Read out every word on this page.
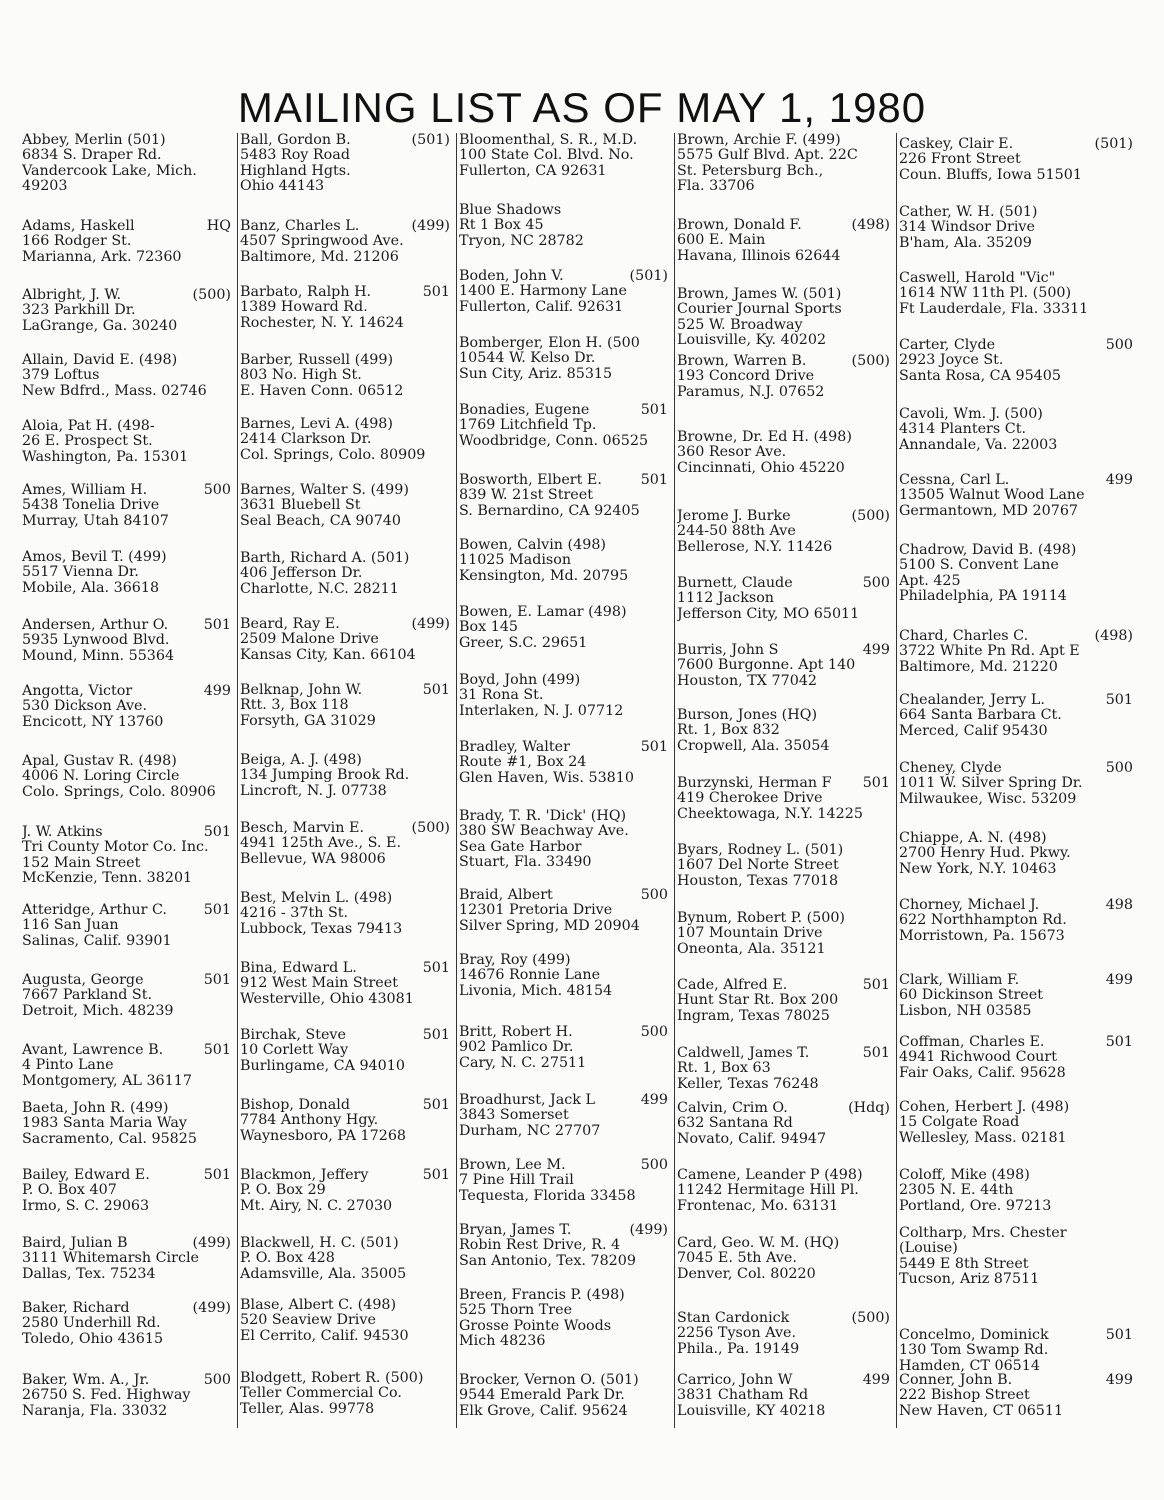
MAILING LIST AS OF MAY 1, 1980
Abbey, Merlin (501)
6834 S. Draper Rd.
Vandercook Lake, Mich.
49203
Adams, Haskell	HQ
166 Rodger St.
Marianna, Ark. 72360
Albright, J. W.	(500)
323 Parkhill Dr.
LaGrange, Ga. 30240
Allain, David E. (498)
379 Loftus
New Bdfrd., Mass. 02746
Aloia, Pat H. (498-
26 E. Prospect St.
Washington, Pa. 15301
Ames, William H.	500
5438 Tonelia Drive
Murray, Utah 84107
Amos, Bevil T. (499)
5517 Vienna Dr.
Mobile, Ala. 36618
Andersen, Arthur O. 501
5935 Lynwood Blvd.
Mound, Minn. 55364
Angotta, Victor	499
530 Dickson Ave.
Encicott, NY 13760
Apal, Gustav R. (498)
4006 N. Loring Circle
Colo. Springs, Colo. 80906
J. W. Atkins	501
Tri County Motor Co. Inc.
152 Main Street
McKenzie, Tenn. 38201
Atteridge, Arthur C.	501
116 San Juan
Salinas, Calif. 93901
Augusta, George	501
7667 Parkland St.
Detroit, Mich. 48239
Avant, Lawrence B.	501
4 Pinto Lane
Montgomery, AL 36117
Baeta, John R. (499)
1983 Santa Maria Way
Sacramento, Cal. 95825
Bailey, Edward E.	501
P. O. Box 407
Irmo, S. C. 29063
Baird, Julian B	(499)
3111 Whitemarsh Circle
Dallas, Tex. 75234
Baker, Richard	(499)
2580 Underhill Rd.
Toledo, Ohio 43615
Baker, Wm. A., Jr.	500
26750 S. Fed. Highway
Naranja, Fla. 33032
Ball, Gordon B.	(501)
5483 Roy Road
Highland Hgts.
Ohio 44143
Banz, Charles L.	(499)
4507 Springwood Ave.
Baltimore, Md. 21206
Barbato, Ralph H.	501
1389 Howard Rd.
Rochester, N. Y. 14624
Barber, Russell (499)
803 No. High St.
E. Haven Conn. 06512
Barnes, Levi A. (498)
2414 Clarkson Dr.
Col. Springs, Colo. 80909
Barnes, Walter S. (499)
3631 Bluebell St
Seal Beach, CA 90740
Barth, Richard A. (501)
406 Jefferson Dr.
Charlotte, N.C. 28211
Beard, Ray E.	(499)
2509 Malone Drive
Kansas City, Kan. 66104
Belknap, John W.	501
Rtt. 3, Box 118
Forsyth, GA 31029
Beiga, A. J. (498)
134 Jumping Brook Rd.
Lincroft, N. J. 07738
Besch, Marvin E.	(500)
4941 125th Ave., S. E.
Bellevue, WA 98006
Best, Melvin L. (498)
4216 - 37th St.
Lubbock, Texas 79413
Bina, Edward L.	501
912 West Main Street
Westerville, Ohio 43081
Birchak, Steve	501
10 Corlett Way
Burlingame, CA 94010
Bishop, Donald	501
7784 Anthony Hgy.
Waynesboro, PA 17268
Blackmon, Jeffery	501
P. O. Box 29
Mt. Airy, N. C. 27030
Blackwell, H. C. (501)
P. O. Box 428
Adamsville, Ala. 35005
Blase, Albert C. (498)
520 Seaview Drive
El Cerrito, Calif. 94530
Blodgett, Robert R. (500)
Teller Commercial Co.
Teller, Alas. 99778
Bloomenthal, S. R., M.D.
100 State Col. Blvd. No.
Fullerton, CA 92631
Blue Shadows
Rt 1 Box 45
Tryon, NC 28782
Boden, John V.	(501)
1400 E. Harmony Lane
Fullerton, Calif. 92631
Bomberger, Elon H. (500
10544 W. Kelso Dr.
Sun City, Ariz. 85315
Bonadies, Eugene	501
1769 Litchfield Tp.
Woodbridge, Conn. 06525
Bosworth, Elbert E.	501
839 W. 21st Street
S. Bernardino, CA 92405
Bowen, Calvin (498)
11025 Madison
Kensington, Md. 20795
Bowen, E. Lamar (498)
Box 145
Greer, S.C. 29651
Boyd, John (499)
31 Rona St.
Interlaken, N. J. 07712
Bradley, Walter	501
Route #1, Box 24
Glen Haven, Wis. 53810
Brady, T. R. 'Dick' (HQ)
380 SW Beachway Ave.
Sea Gate Harbor
Stuart, Fla. 33490
Braid, Albert	500
12301 Pretoria Drive
Silver Spring, MD 20904
Bray, Roy (499)
14676 Ronnie Lane
Livonia, Mich. 48154
Britt, Robert H.	500
902 Pamlico Dr.
Cary, N. C. 27511
Broadhurst, Jack L	499
3843 Somerset
Durham, NC 27707
Brown, Lee M.	500
7 Pine Hill Trail
Tequesta, Florida 33458
Bryan, James T.	(499)
Robin Rest Drive, R. 4
San Antonio, Tex. 78209
Breen, Francis P. (498)
525 Thorn Tree
Grosse Pointe Woods
Mich 48236
Brocker, Vernon O. (501)
9544 Emerald Park Dr.
Elk Grove, Calif. 95624
Brown, Archie F. (499)
5575 Gulf Blvd. Apt. 22C
St. Petersburg Bch.,
Fla. 33706
Brown, Donald F.	(498)
600 E. Main
Havana, Illinois 62644
Brown, James W. (501)
Courier Journal Sports
525 W. Broadway
Louisville, Ky. 40202
Brown, Warren B.	(500)
193 Concord Drive
Paramus, N.J. 07652
Browne, Dr. Ed H. (498)
360 Resor Ave.
Cincinnati, Ohio 45220
Jerome J. Burke	(500)
244-50 88th Ave
Bellerose, N.Y. 11426
Burnett, Claude	500
1112 Jackson
Jefferson City, MO 65011
Burris, John S	499
7600 Burgonne. Apt 140
Houston, TX 77042
Burson, Jones (HQ)
Rt. 1, Box 832
Cropwell, Ala. 35054
Burzynski, Herman F 501
419 Cherokee Drive
Cheektowaga, N.Y. 14225
Byars, Rodney L. (501)
1607 Del Norte Street
Houston, Texas 77018
Bynum, Robert P. (500)
107 Mountain Drive
Oneonta, Ala. 35121
Cade, Alfred E.	501
Hunt Star Rt. Box 200
Ingram, Texas 78025
Caldwell, James T.	501
Rt. 1, Box 63
Keller, Texas 76248
Calvin, Crim O.	(Hdq)
632 Santana Rd
Novato, Calif. 94947
Camene, Leander P (498)
11242 Hermitage Hill Pl.
Frontenac, Mo. 63131
Card, Geo. W. M. (HQ)
7045 E. 5th Ave.
Denver, Col. 80220
Stan Cardonick	(500)
2256 Tyson Ave.
Phila., Pa. 19149
Carrico, John W	499
3831 Chatham Rd
Louisville, KY 40218
Caskey, Clair E.	(501)
226 Front Street
Coun. Bluffs, Iowa 51501
Cather, W. H. (501)
314 Windsor Drive
B'ham, Ala. 35209
Caswell, Harold "Vic"
1614 NW 11th Pl. (500)
Ft Lauderdale, Fla. 33311
Carter, Clyde	500
2923 Joyce St.
Santa Rosa, CA 95405
Cavoli, Wm. J. (500)
4314 Planters Ct.
Annandale, Va. 22003
Cessna, Carl L.	499
13505 Walnut Wood Lane
Germantown, MD 20767
Chadrow, David B. (498)
5100 S. Convent Lane
Apt. 425
Philadelphia, PA 19114
Chard, Charles C.	(498)
3722 White Pn Rd. Apt E
Baltimore, Md. 21220
Chealander, Jerry L.	501
664 Santa Barbara Ct.
Merced, Calif 95430
Cheney, Clyde	500
1011 W. Silver Spring Dr.
Milwaukee, Wisc. 53209
Chiappe, A. N. (498)
2700 Henry Hud. Pkwy.
New York, N.Y. 10463
Chorney, Michael J.	498
622 Northhampton Rd.
Morristown, Pa. 15673
Clark, William F.	499
60 Dickinson Street
Lisbon, NH 03585
Coffman, Charles E.	501
4941 Richwood Court
Fair Oaks, Calif. 95628
Cohen, Herbert J. (498)
15 Colgate Road
Wellesley, Mass. 02181
Coloff, Mike (498)
2305 N. E. 44th
Portland, Ore. 97213
Coltharp, Mrs. Chester
(Louise)
5449 E 8th Street
Tucson, Ariz 87511
Concelmo, Dominick	501
130 Tom Swamp Rd.
Hamden, CT 06514
Conner, John B.	499
222 Bishop Street
New Haven, CT 06511
